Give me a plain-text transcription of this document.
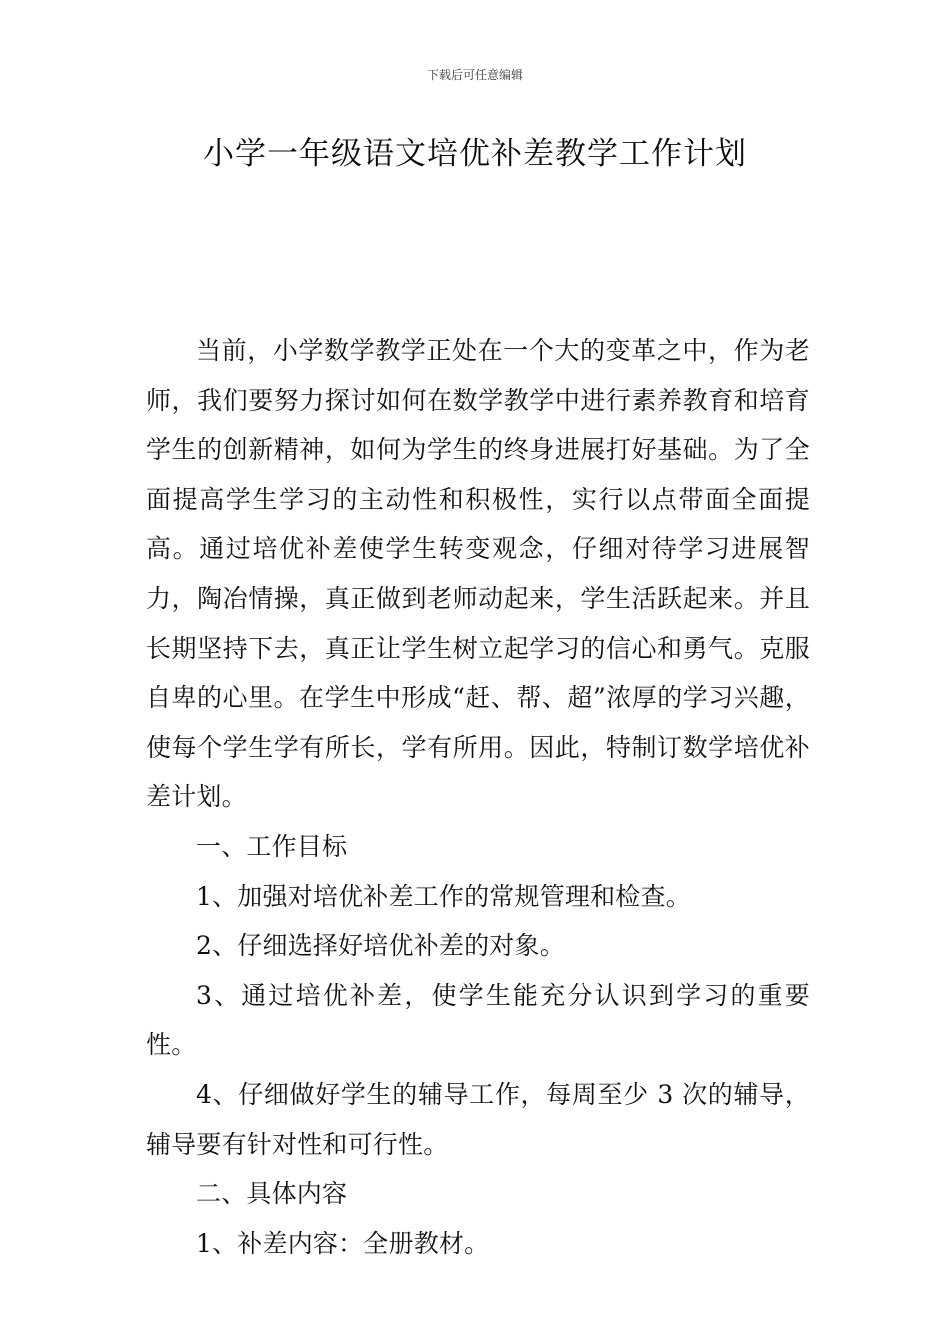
下载后可任意编辑
小学一年级语文培优补差教学工作计划

当前，小学数学教学正处在一个大的变革之中，作为老师，我们要努力探讨如何在数学教学中进行素养教育和培育学生的创新精神，如何为学生的终身进展打好基础。为了全面提高学生学习的主动性和积极性，实行以点带面全面提高。通过培优补差使学生转变观念，仔细对待学习进展智力，陶冶情操，真正做到老师动起来，学生活跃起来。并且长期坚持下去，真正让学生树立起学习的信心和勇气。克服自卑的心里。在学生中形成“赶、帮、超”浓厚的学习兴趣，使每个学生学有所长，学有所用。因此，特制订数学培优补差计划。

一、工作目标

1、加强对培优补差工作的常规管理和检查。

2、仔细选择好培优补差的对象。

3、通过培优补差，使学生能充分认识到学习的重要性。

4、仔细做好学生的辅导工作，每周至少 3 次的辅导，辅导要有针对性和可行性。

二、具体内容

1、补差内容：全册教材。
